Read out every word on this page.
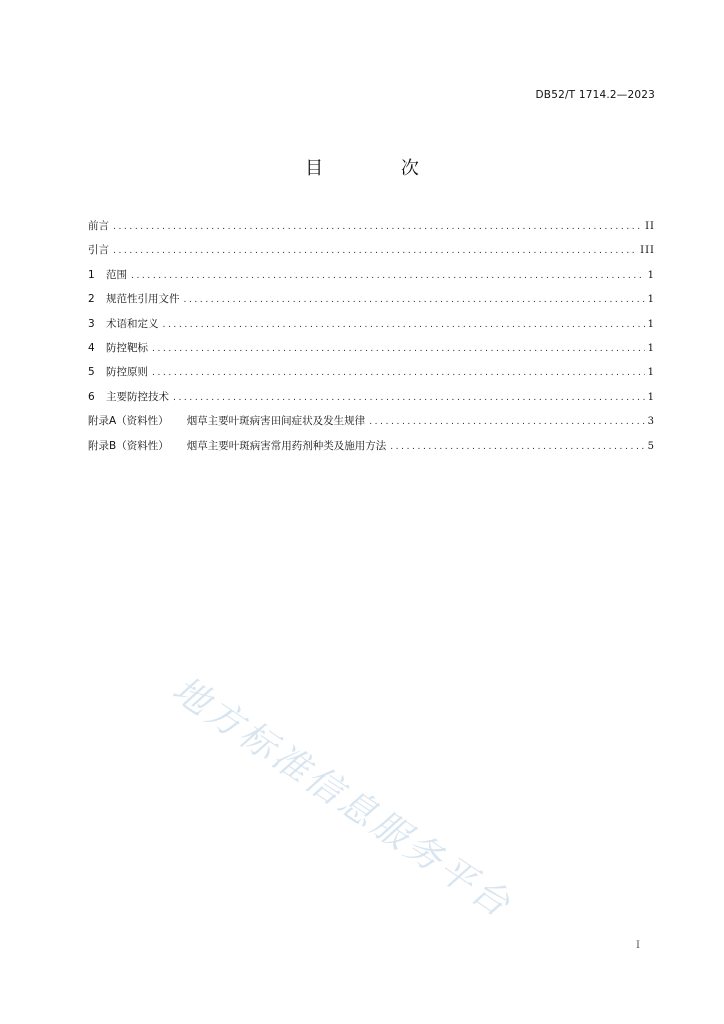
DB52/T 1714.2—2023
目 次
前言 .....	II
引言 .....	III
1	范围 .....	1
2	规范性引用文件 .....	1
3	术语和定义 .....	1
4	防控靶标 .....	1
5	防控原则 .....	1
6	主要防控技术 .....	1
附录A（资料性） 烟草主要叶斑病害田间症状及发生规律 .....	3
附录B（资料性） 烟草主要叶斑病害常用药剂种类及施用方法 .....	5
地方标准信息服务平台
I
